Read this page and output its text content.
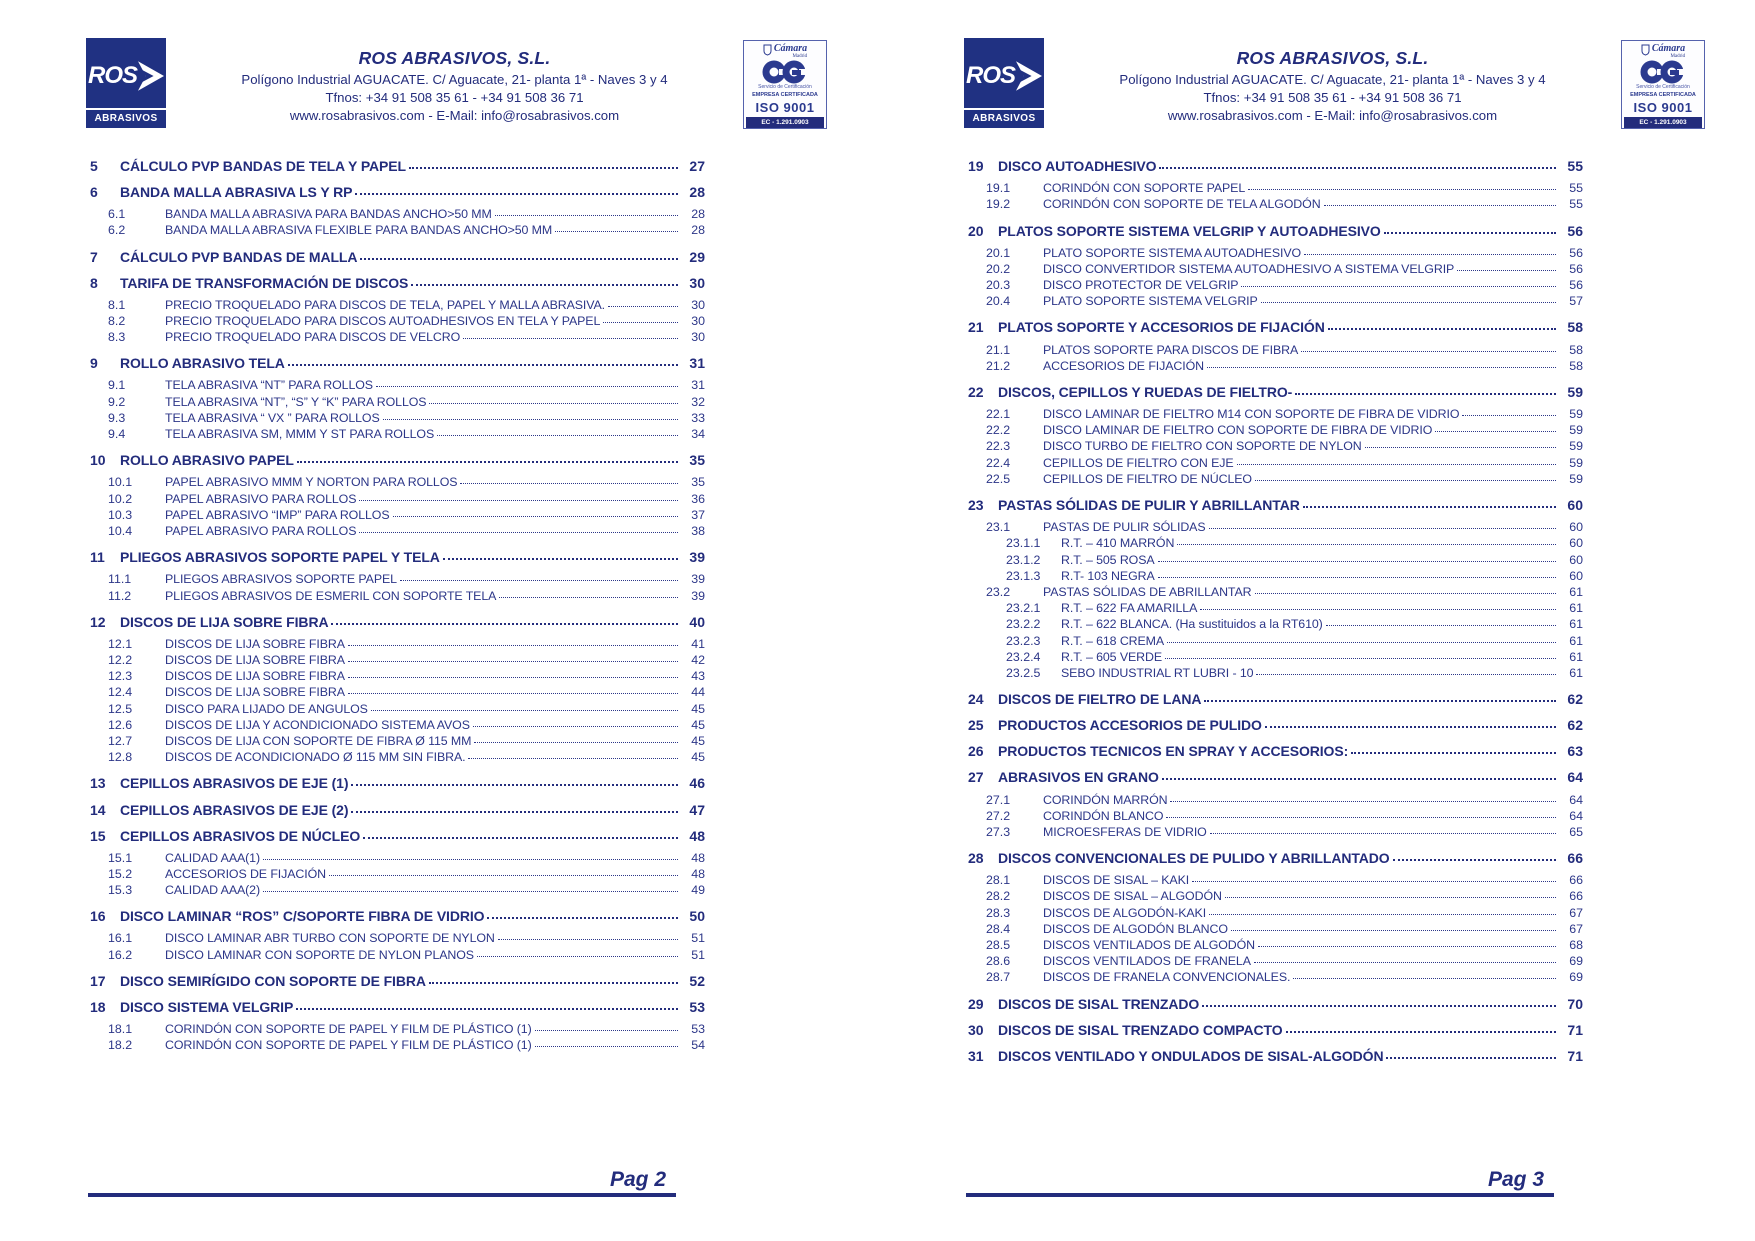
ROS
ABRASIVOS
ROS ABRASIVOS, S.L.
Polígono Industrial AGUACATE. C/ Aguacate, 21- planta 1ª - Naves 3 y 4
Tfnos: +34 91 508 35 61 - +34 91 508 36 71
www.rosabrasivos.com - E-Mail: info@rosabrasivos.com
Cámara
Madrid
Servicio de Certificación
EMPRESA CERTIFICADA
ISO 9001
EC - 1.291.0903
5	CÁLCULO PVP BANDAS DE TELA Y PAPEL	27
6	BANDA MALLA ABRASIVA LS Y RP	28
6.1	BANDA MALLA ABRASIVA PARA BANDAS ANCHO>50 MM	28
6.2	BANDA MALLA ABRASIVA FLEXIBLE PARA BANDAS ANCHO>50 MM	28
7	CÁLCULO PVP BANDAS DE MALLA	29
8	TARIFA DE TRANSFORMACIÓN DE DISCOS	30
8.1	PRECIO TROQUELADO PARA DISCOS DE TELA, PAPEL Y MALLA ABRASIVA.	30
8.2	PRECIO TROQUELADO PARA DISCOS AUTOADHESIVOS EN TELA Y PAPEL	30
8.3	PRECIO TROQUELADO PARA DISCOS DE VELCRO	30
9	ROLLO ABRASIVO TELA	31
9.1	TELA ABRASIVA “NT” PARA ROLLOS	31
9.2	TELA ABRASIVA “NT”, “S” Y “K” PARA ROLLOS	32
9.3	TELA ABRASIVA “ VX ” PARA ROLLOS	33
9.4	TELA ABRASIVA SM, MMM Y ST PARA ROLLOS	34
10	ROLLO ABRASIVO PAPEL	35
10.1	PAPEL ABRASIVO MMM Y NORTON PARA ROLLOS	35
10.2	PAPEL ABRASIVO PARA ROLLOS	36
10.3	PAPEL ABRASIVO “IMP” PARA ROLLOS	37
10.4	PAPEL ABRASIVO PARA ROLLOS	38
11	PLIEGOS ABRASIVOS SOPORTE PAPEL Y TELA	39
11.1	PLIEGOS ABRASIVOS SOPORTE PAPEL	39
11.2	PLIEGOS ABRASIVOS DE ESMERIL CON SOPORTE TELA	39
12	DISCOS DE LIJA SOBRE FIBRA	40
12.1	DISCOS DE LIJA SOBRE FIBRA	41
12.2	DISCOS DE LIJA SOBRE FIBRA	42
12.3	DISCOS DE LIJA SOBRE FIBRA	43
12.4	DISCOS DE LIJA SOBRE FIBRA	44
12.5	DISCO PARA LIJADO DE ANGULOS	45
12.6	DISCOS DE LIJA Y ACONDICIONADO SISTEMA AVOS	45
12.7	DISCOS DE LIJA CON SOPORTE DE FIBRA Ø 115 MM	45
12.8	DISCOS DE ACONDICIONADO Ø 115 MM SIN FIBRA.	45
13	CEPILLOS ABRASIVOS DE EJE (1)	46
14	CEPILLOS ABRASIVOS DE EJE (2)	47
15	CEPILLOS ABRASIVOS DE NÚCLEO	48
15.1	CALIDAD AAA(1)	48
15.2	ACCESORIOS DE FIJACIÓN	48
15.3	CALIDAD AAA(2)	49
16	DISCO LAMINAR “ROS” C/SOPORTE FIBRA DE VIDRIO	50
16.1	DISCO LAMINAR ABR TURBO CON SOPORTE DE NYLON	51
16.2	DISCO LAMINAR CON SOPORTE DE NYLON PLANOS	51
17	DISCO SEMIRÍGIDO CON SOPORTE DE FIBRA	52
18	DISCO SISTEMA VELGRIP	53
18.1	CORINDÓN CON SOPORTE DE PAPEL Y FILM DE PLÁSTICO (1)	53
18.2	CORINDÓN CON SOPORTE DE PAPEL Y FILM DE PLÁSTICO (1)	54
Pag 2
ROS
ABRASIVOS
ROS ABRASIVOS, S.L.
Polígono Industrial AGUACATE. C/ Aguacate, 21- planta 1ª - Naves 3 y 4
Tfnos: +34 91 508 35 61 - +34 91 508 36 71
www.rosabrasivos.com - E-Mail: info@rosabrasivos.com
Cámara
Madrid
Servicio de Certificación
EMPRESA CERTIFICADA
ISO 9001
EC - 1.291.0903
19	DISCO AUTOADHESIVO	55
19.1	CORINDÓN CON SOPORTE PAPEL	55
19.2	CORINDÓN CON SOPORTE DE TELA ALGODÓN	55
20	PLATOS SOPORTE SISTEMA VELGRIP Y AUTOADHESIVO	56
20.1	PLATO SOPORTE SISTEMA AUTOADHESIVO	56
20.2	DISCO CONVERTIDOR SISTEMA AUTOADHESIVO A SISTEMA VELGRIP	56
20.3	DISCO PROTECTOR DE VELGRIP	56
20.4	PLATO SOPORTE SISTEMA VELGRIP	57
21	PLATOS SOPORTE Y ACCESORIOS DE FIJACIÓN	58
21.1	PLATOS SOPORTE PARA DISCOS DE FIBRA	58
21.2	ACCESORIOS DE FIJACIÓN	58
22	DISCOS, CEPILLOS Y RUEDAS DE FIELTRO-	59
22.1	DISCO LAMINAR DE FIELTRO M14 CON SOPORTE DE FIBRA DE VIDRIO	59
22.2	DISCO LAMINAR DE FIELTRO CON SOPORTE DE FIBRA DE VIDRIO	59
22.3	DISCO TURBO DE FIELTRO CON SOPORTE DE NYLON	59
22.4	CEPILLOS DE FIELTRO CON EJE	59
22.5	CEPILLOS DE FIELTRO DE NÚCLEO	59
23	PASTAS SÓLIDAS DE PULIR Y ABRILLANTAR	60
23.1	PASTAS DE PULIR SÓLIDAS	60
23.1.1	R.T. – 410 MARRÓN	60
23.1.2	R.T. – 505 ROSA	60
23.1.3	R.T- 103 NEGRA	60
23.2	PASTAS SÓLIDAS DE ABRILLANTAR	61
23.2.1	R.T. – 622 FA AMARILLA	61
23.2.2	R.T. – 622 BLANCA. (Ha sustituidos a la RT610)	61
23.2.3	R.T. – 618 CREMA	61
23.2.4	R.T. – 605 VERDE	61
23.2.5	SEBO INDUSTRIAL RT LUBRI - 10	61
24	DISCOS DE FIELTRO DE LANA	62
25	PRODUCTOS ACCESORIOS DE PULIDO	62
26	PRODUCTOS TECNICOS EN SPRAY Y ACCESORIOS:	63
27	ABRASIVOS EN GRANO	64
27.1	CORINDÓN MARRÓN	64
27.2	CORINDÓN BLANCO	64
27.3	MICROESFERAS DE VIDRIO	65
28	DISCOS CONVENCIONALES DE PULIDO Y ABRILLANTADO	66
28.1	DISCOS DE SISAL – KAKI	66
28.2	DISCOS DE SISAL – ALGODÓN	66
28.3	DISCOS DE ALGODÓN-KAKI	67
28.4	DISCOS DE ALGODÓN BLANCO	67
28.5	DISCOS VENTILADOS DE ALGODÓN	68
28.6	DISCOS VENTILADOS DE FRANELA	69
28.7	DISCOS DE FRANELA CONVENCIONALES.	69
29	DISCOS DE SISAL TRENZADO	70
30	DISCOS DE SISAL TRENZADO COMPACTO	71
31	DISCOS VENTILADO Y ONDULADOS DE SISAL-ALGODÓN	71
Pag 3
